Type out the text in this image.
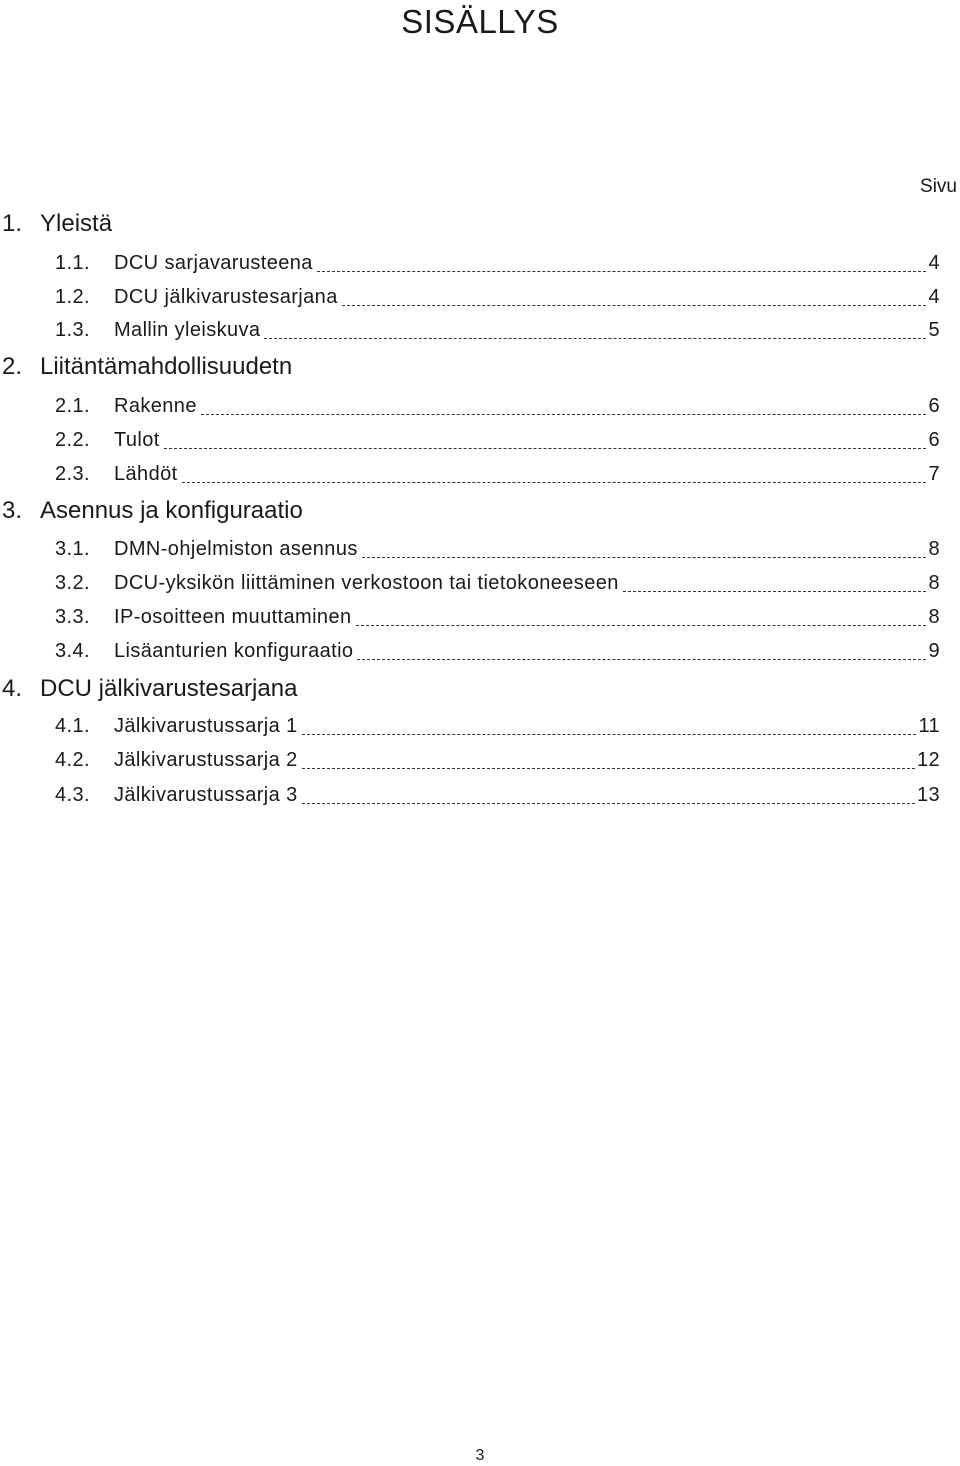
SISÄLLYS
Sivu
1. Yleistä
1.1.	DCU sarjavarusteena	4
1.2.	DCU jälkivarustesarjana	4
1.3.	Mallin yleiskuva	5
2. Liitäntämahdollisuudetn
2.1.	Rakenne	6
2.2.	Tulot	6
2.3.	Lähdöt	7
3. Asennus ja konfiguraatio
3.1.	DMN-ohjelmiston asennus	8
3.2.	DCU-yksikön liittäminen verkostoon tai tietokoneeseen	8
3.3.	IP-osoitteen muuttaminen	8
3.4.	Lisäanturien konfiguraatio	9
4. DCU jälkivarustesarjana
4.1.	Jälkivarustussarja 1	11
4.2.	Jälkivarustussarja 2	12
4.3.	Jälkivarustussarja 3	13
3
